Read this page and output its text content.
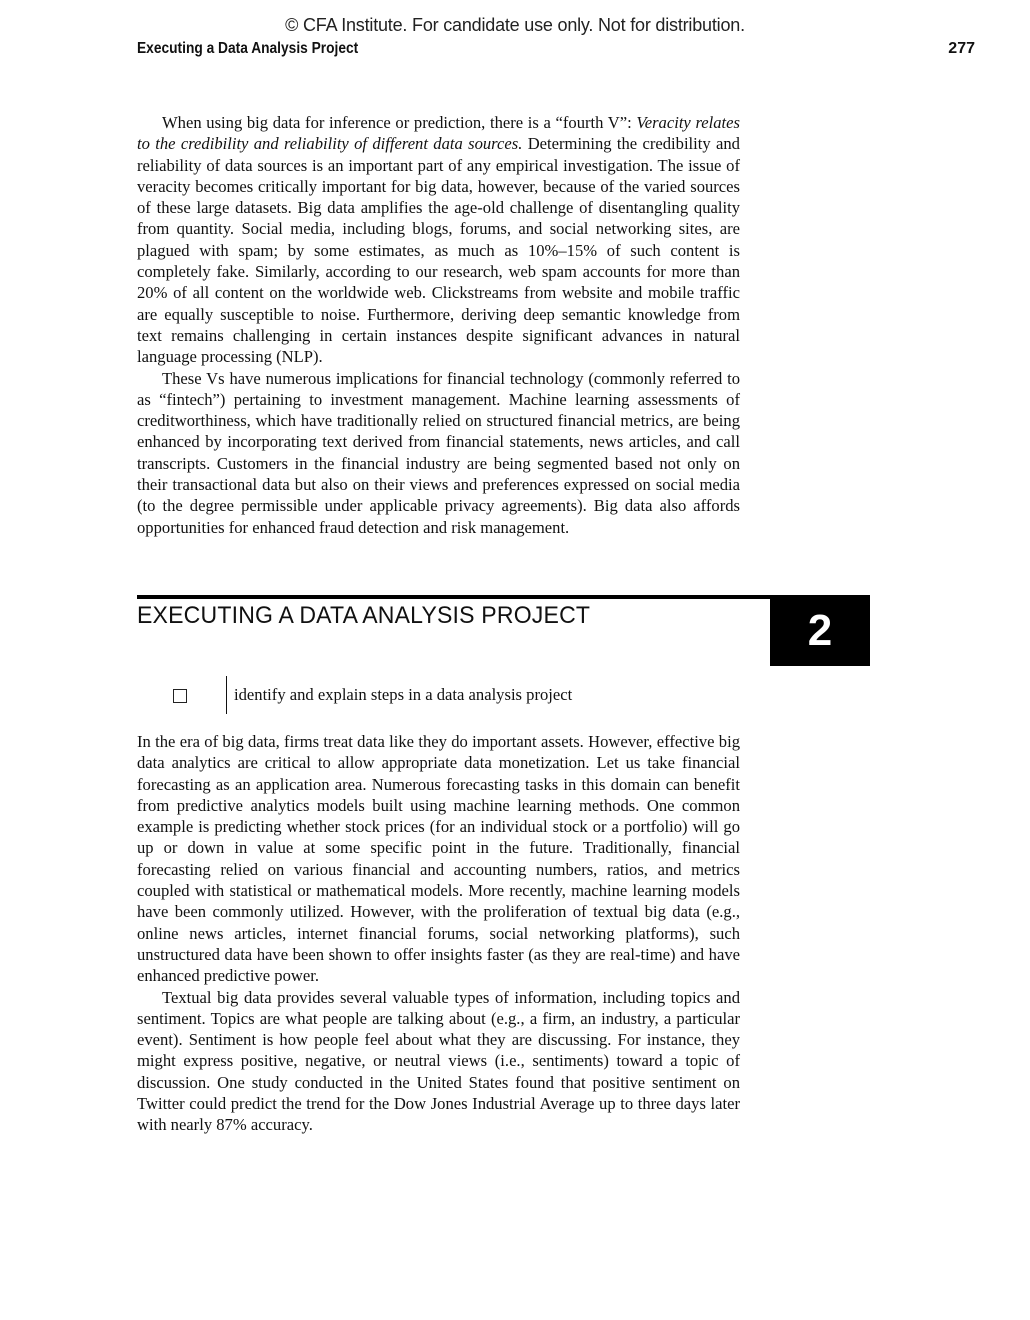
© CFA Institute. For candidate use only. Not for distribution.
Executing a Data Analysis Project	277

When using big data for inference or prediction, there is a “fourth V”: Veracity relates to the credibility and reliability of different data sources. Determining the credibility and reliability of data sources is an important part of any empirical investigation. The issue of veracity becomes critically important for big data, however, because of the varied sources of these large datasets. Big data amplifies the age-old challenge of disentangling quality from quantity. Social media, including blogs, forums, and social networking sites, are plagued with spam; by some estimates, as much as 10%–15% of such content is completely fake. Similarly, according to our research, web spam accounts for more than 20% of all content on the worldwide web. Clickstreams from website and mobile traffic are equally susceptible to noise. Furthermore, deriving deep semantic knowledge from text remains challenging in certain instances despite significant advances in natural language processing (NLP).

These Vs have numerous implications for financial technology (commonly referred to as “fintech”) pertaining to investment management. Machine learning assessments of creditworthiness, which have traditionally relied on structured financial metrics, are being enhanced by incorporating text derived from financial statements, news articles, and call transcripts. Customers in the financial industry are being segmented based not only on their transactional data but also on their views and preferences expressed on social media (to the degree permissible under applicable privacy agreements). Big data also affords opportunities for enhanced fraud detection and risk management.

EXECUTING A DATA ANALYSIS PROJECT	2
identify and explain steps in a data analysis project

In the era of big data, firms treat data like they do important assets. However, effective big data analytics are critical to allow appropriate data monetization. Let us take financial forecasting as an application area. Numerous forecasting tasks in this domain can benefit from predictive analytics models built using machine learning methods. One common example is predicting whether stock prices (for an individual stock or a portfolio) will go up or down in value at some specific point in the future. Traditionally, financial forecasting relied on various financial and accounting numbers, ratios, and metrics coupled with statistical or mathematical models. More recently, machine learning models have been commonly utilized. However, with the proliferation of textual big data (e.g., online news articles, internet financial forums, social networking platforms), such unstructured data have been shown to offer insights faster (as they are real-time) and have enhanced predictive power.

Textual big data provides several valuable types of information, including topics and sentiment. Topics are what people are talking about (e.g., a firm, an industry, a particular event). Sentiment is how people feel about what they are discussing. For instance, they might express positive, negative, or neutral views (i.e., sentiments) toward a topic of discussion. One study conducted in the United States found that positive sentiment on Twitter could predict the trend for the Dow Jones Industrial Average up to three days later with nearly 87% accuracy.
